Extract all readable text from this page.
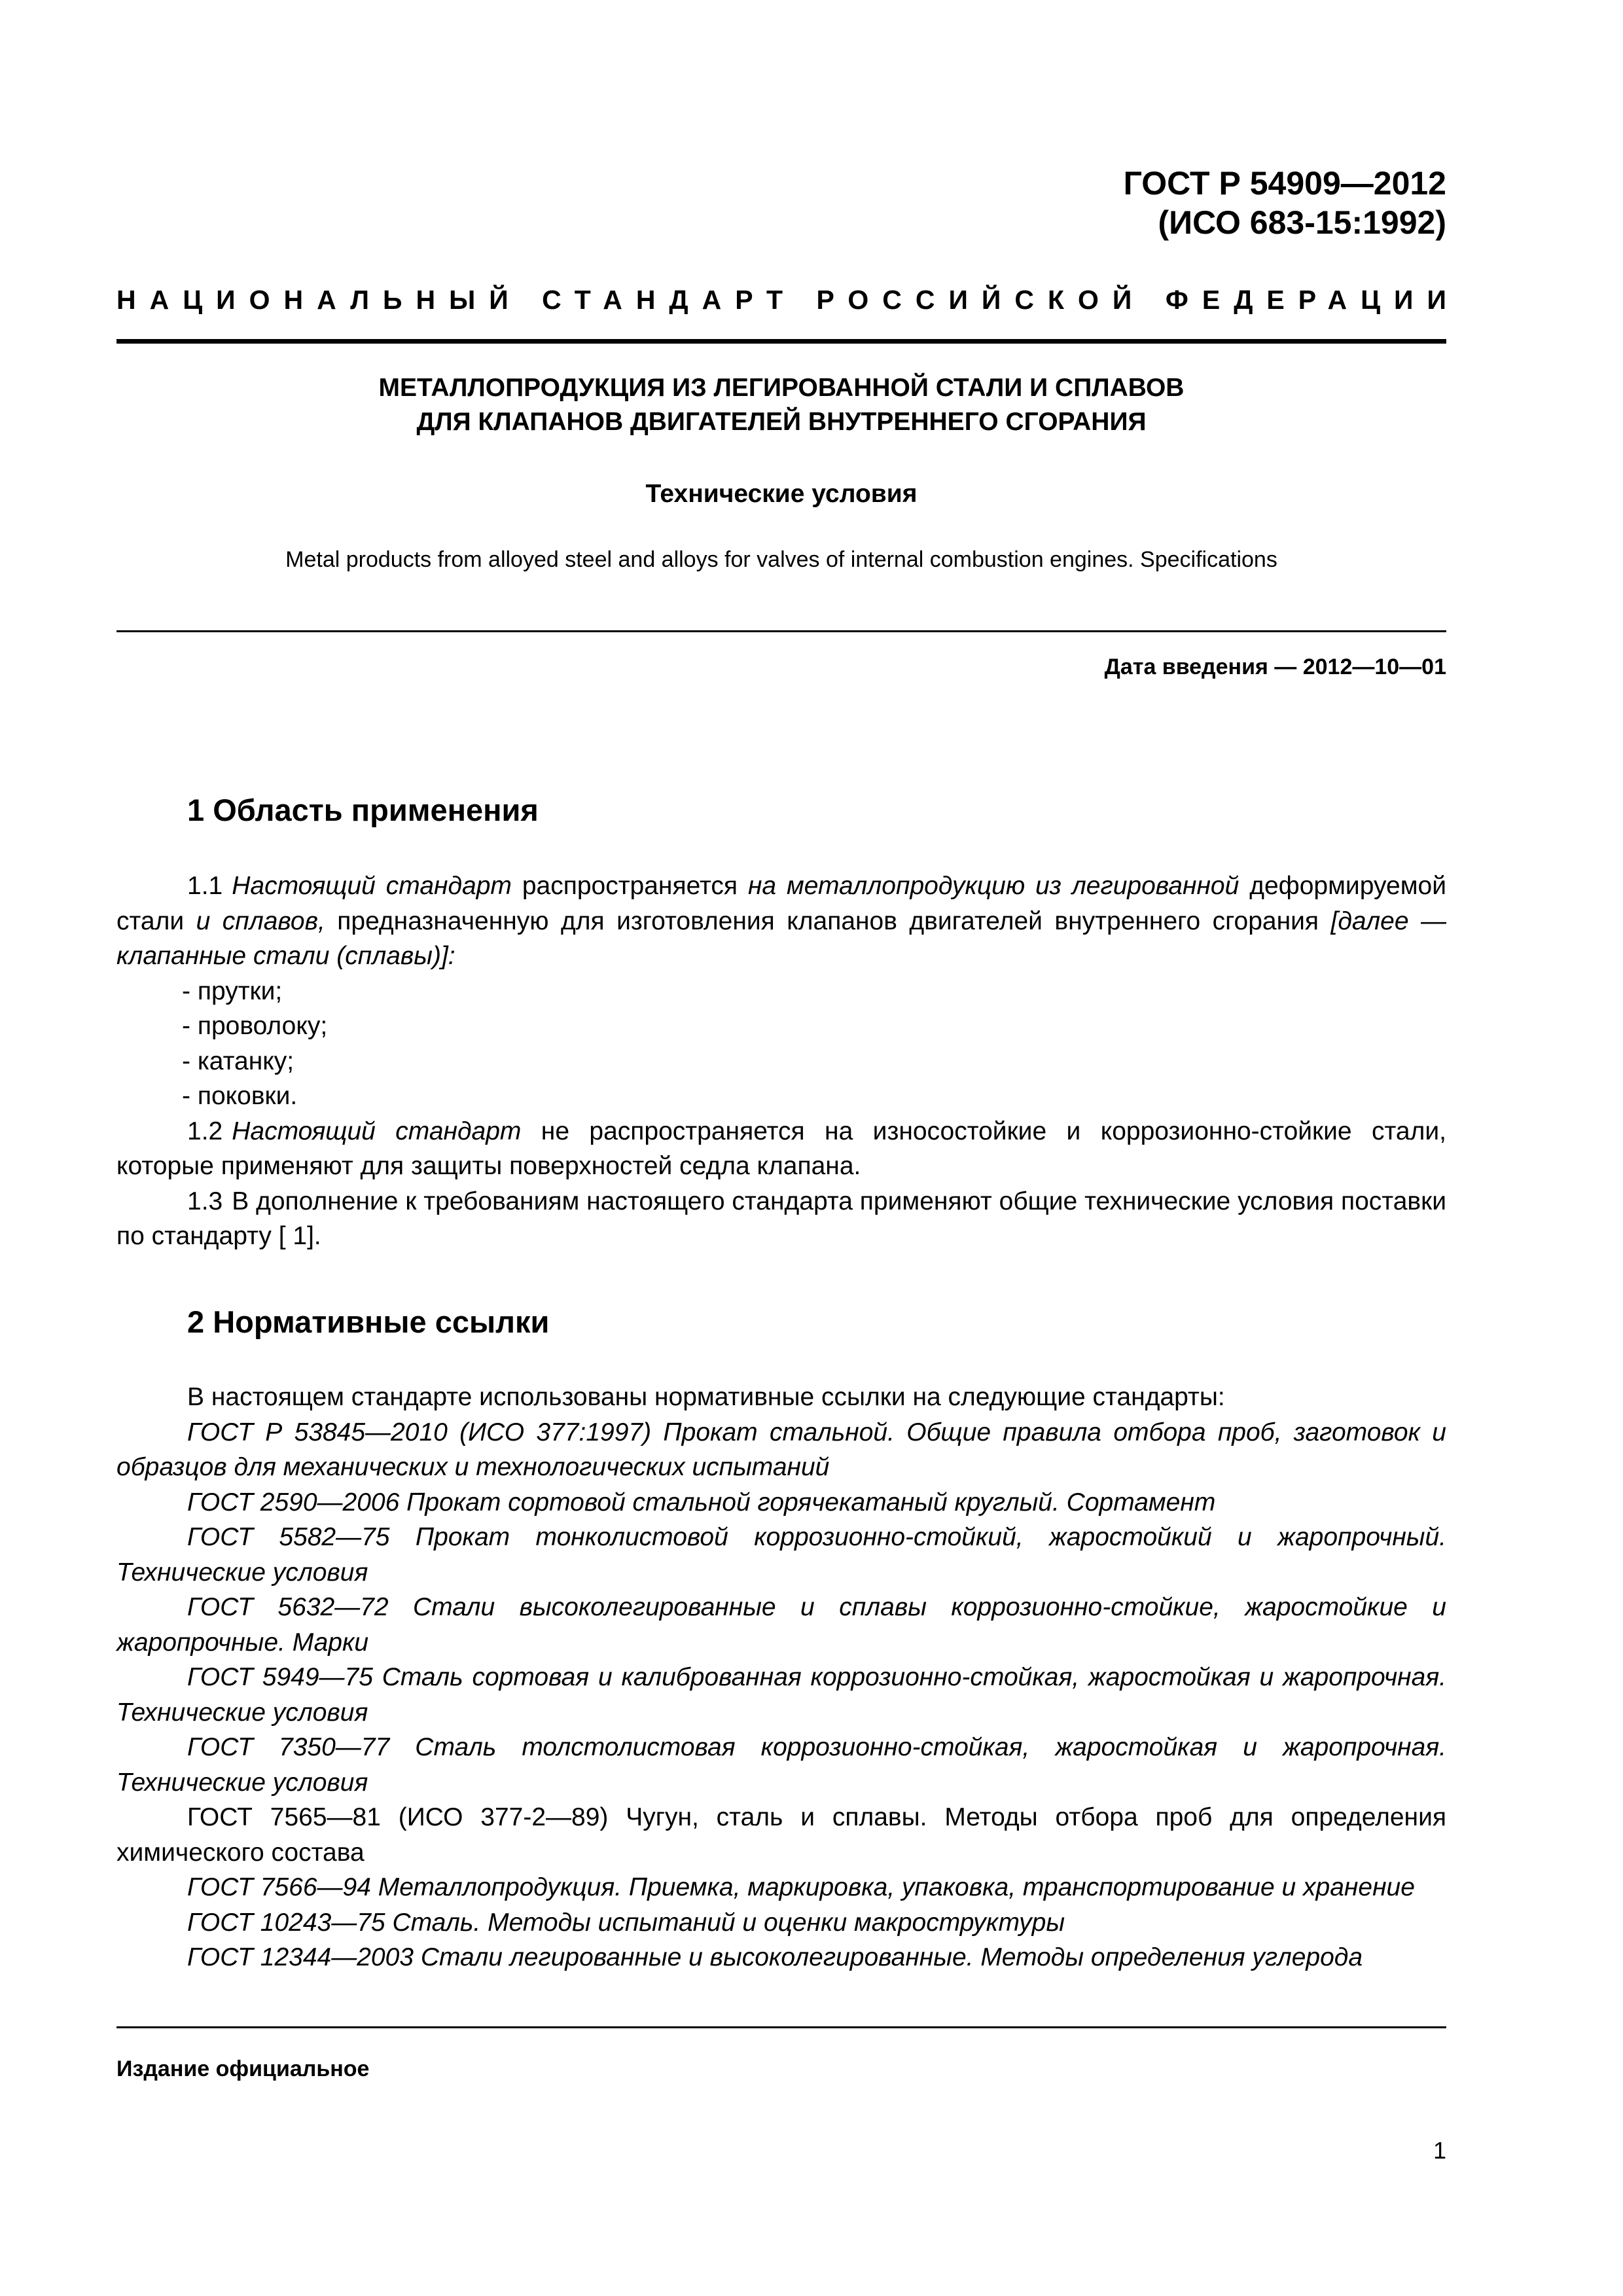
ГОСТ Р 54909—2012
(ИСО 683-15:1992)
НАЦИОНАЛЬНЫЙ СТАНДАРТ РОССИЙСКОЙ ФЕДЕРАЦИИ
МЕТАЛЛОПРОДУКЦИЯ ИЗ ЛЕГИРОВАННОЙ СТАЛИ И СПЛАВОВ
ДЛЯ КЛАПАНОВ ДВИГАТЕЛЕЙ ВНУТРЕННЕГО СГОРАНИЯ
Технические условия
Metal products from alloyed steel and alloys for valves of internal combustion engines. Specifications
Дата введения — 2012—10—01
1 Область применения

1.1 Настоящий стандарт распространяется на металлопродукцию из легированной деформируемой стали и сплавов, предназначенную для изготовления клапанов двигателей внутреннего сгорания [далее — клапанные стали (сплавы)]:

- прутки;

- проволоку;

- катанку;

- поковки.

1.2 Настоящий стандарт не распространяется на износостойкие и коррозионно-стойкие стали, которые применяют для защиты поверхностей седла клапана.

1.3 В дополнение к требованиям настоящего стандарта применяют общие технические условия поставки по стандарту [ 1].

2 Нормативные ссылки

В настоящем стандарте использованы нормативные ссылки на следующие стандарты:

ГОСТ Р 53845—2010 (ИСО 377:1997) Прокат стальной. Общие правила отбора проб, заготовок и образцов для механических и технологических испытаний

ГОСТ 2590—2006 Прокат сортовой стальной горячекатаный круглый. Сортамент

ГОСТ 5582—75 Прокат тонколистовой коррозионно-стойкий, жаростойкий и жаропрочный. Технические условия

ГОСТ 5632—72 Стали высоколегированные и сплавы коррозионно-стойкие, жаростойкие и жаропрочные. Марки

ГОСТ 5949—75 Сталь сортовая и калиброванная коррозионно-стойкая, жаростойкая и жаропрочная. Технические условия

ГОСТ 7350—77 Сталь толстолистовая коррозионно-стойкая, жаростойкая и жаропрочная. Технические условия

ГОСТ 7565—81 (ИСО 377-2—89) Чугун, сталь и сплавы. Методы отбора проб для определения химического состава

ГОСТ 7566—94 Металлопродукция. Приемка, маркировка, упаковка, транспортирование и хранение

ГОСТ 10243—75 Сталь. Методы испытаний и оценки макроструктуры

ГОСТ 12344—2003 Стали легированные и высоколегированные. Методы определения углерода

Издание официальное
1
